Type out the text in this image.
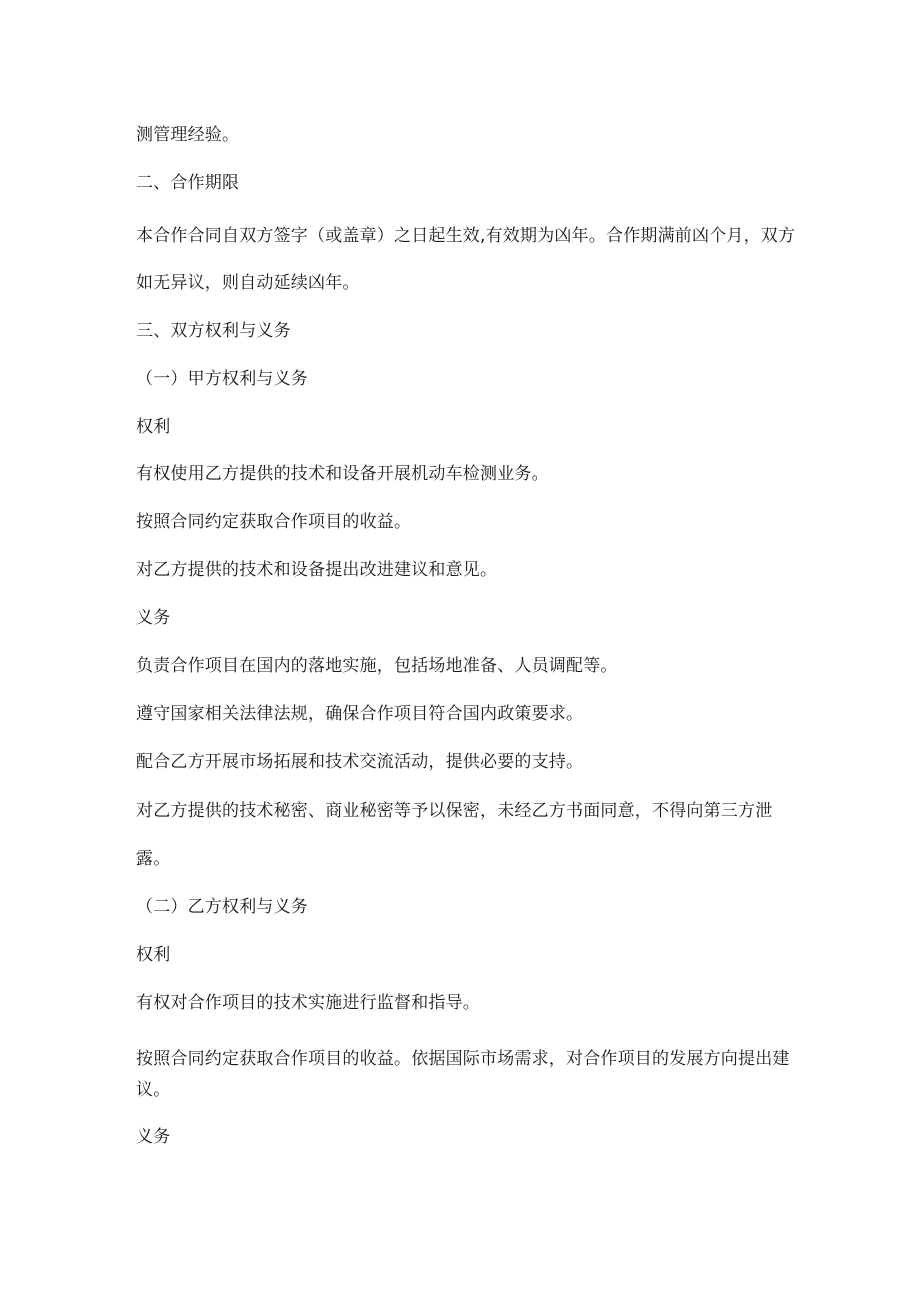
测管理经验。
二、合作期限
本合作合同自双方签字（或盖章）之日起生效,有效期为凶年。合作期满前凶个月，双方
如无异议，则自动延续凶年。
三、双方权利与义务
（一）甲方权利与义务
权利
有权使用乙方提供的技术和设备开展机动车检测业务。
按照合同约定获取合作项目的收益。
对乙方提供的技术和设备提出改进建议和意见。
义务
负责合作项目在国内的落地实施，包括场地准备、人员调配等。
遵守国家相关法律法规，确保合作项目符合国内政策要求。
配合乙方开展市场拓展和技术交流活动，提供必要的支持。
对乙方提供的技术秘密、商业秘密等予以保密，未经乙方书面同意，不得向第三方泄
露。
（二）乙方权利与义务
权利
有权对合作项目的技术实施进行监督和指导。
按照合同约定获取合作项目的收益。依据国际市场需求，对合作项目的发展方向提出建
议。
义务
